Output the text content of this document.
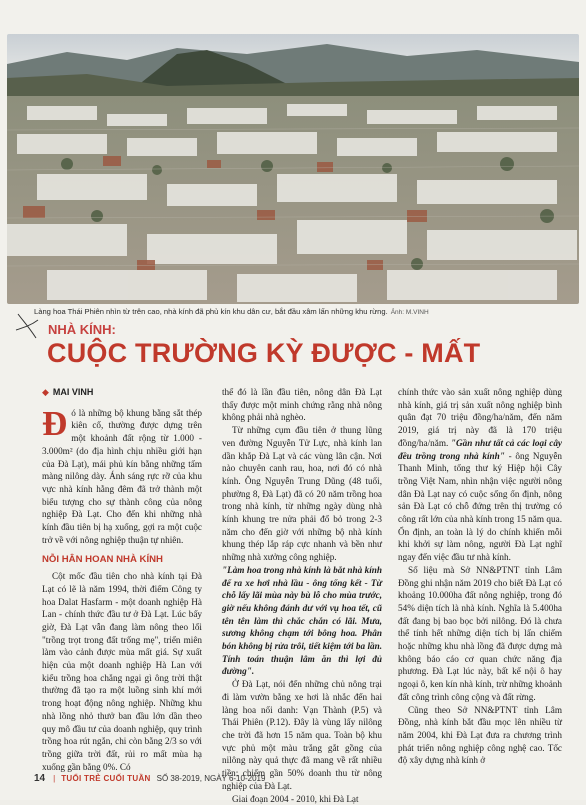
Làng hoa Thái Phiên nhìn từ trên cao, nhà kính đã phủ kín khu dân cư, bắt đầu xâm lấn những khu rừng. Ảnh: M.VINH
NHÀ KÍNH:
CUỘC TRƯỜNG KỲ ĐƯỢC - MẤT
◆ MAI VINH

Đó là những bộ khung bằng sắt thép kiên cố, thường được dựng trên một khoảnh đất rộng từ 1.000 - 3.000m² (do địa hình chịu nhiều giới hạn của Đà Lạt), mái phủ kín bằng những tấm màng nilông dày. Ánh sáng rực rỡ của khu vực nhà kính hằng đêm đã trở thành một biểu tượng cho sự thành công của nông nghiệp Đà Lạt. Cho đến khi những nhà kính đầu tiên bị hạ xuống, gợi ra một cuộc trở về với nông nghiệp thuận tự nhiên.

NỖI HÂN HOAN NHÀ KÍNH

Cột mốc đầu tiên cho nhà kính tại Đà Lạt có lẽ là năm 1994, thời điểm Công ty hoa Dalat Hasfarm - một doanh nghiệp Hà Lan - chính thức đầu tư ở Đà Lạt. Lúc bấy giờ, Đà Lạt vẫn đang làm nông theo lối "trồng trọt trong đất trống mẹ", triển miên làm vào cảnh được mùa mất giá. Sự xuất hiện của một doanh nghiệp Hà Lan với kiểu trồng hoa chẳng ngại gì ông trời thật thường đã tạo ra một luồng sinh khí mới trong hoạt động nông nghiệp. Những khu nhà lồng nhỏ thưở ban đầu lớn dần theo quy mô đầu tư của doanh nghiệp, quy trình trồng hoa rút ngắn, chi còn bằng 2/3 so với trồng giữa trời đất, rủi ro mất mùa hạ xuống gần bằng 0%. Có

thể đó là lần đầu tiên, nông dân Đà Lạt thấy được một minh chứng rằng nhà nông không phải nhà nghèo.

Từ những cụm đầu tiên ở thung lũng ven đường Nguyễn Tử Lực, nhà kính lan dần khắp Đà Lạt và các vùng lân cận. Nơi nào chuyên canh rau, hoa, nơi đó có nhà kính. Ông Nguyễn Trung Dũng (48 tuổi, phường 8, Đà Lạt) đã có 20 năm trồng hoa trong nhà kính, từ những ngày dùng nhà kính khung tre nửa phải đổ bỏ trong 2-3 năm cho đến giờ với những bộ nhà kính khung thép lắp ráp cực nhanh và bền như những nhà xưởng công nghiệp.

"Làm hoa trong nhà kính là bắt nhà kính để ra xe hơi nhà lầu - ông tổng kết - Từ chỗ lấy lãi mùa này bù lỗ cho mùa trước, giờ nếu không đánh dư với vụ hoa tết, cũ tên tên làm thì chắc chắn có lãi. Mưa, sương không chạm tới bông hoa. Phân bón không bị rửa trôi, tiết kiệm tới ba lần. Tính toán thuận lâm ăn thì lợi đủ đường".

Ở Đà Lạt, nói đến những chủ nông trại đi làm vườn bằng xe hơi là nhắc đến hai làng hoa nổi danh: Vạn Thành (P.5) và Thái Phiên (P.12). Đây là vùng lấy nilông che trời đã hơn 15 năm qua. Toàn bộ khu vực phủ một màu trắng gắt gồng của nilông này quả thực đã mang về rất nhiều tiền: chiếm gần 50% doanh thu từ nông nghiệp của Đà Lạt.

Giai đoạn 2004 - 2010, khi Đà Lạt

chính thức vào sản xuất nông nghiệp dùng nhà kính, giá trị sản xuất nông nghiệp bình quân đạt 70 triệu đồng/ha/năm, đến năm 2019, giá trị này đã là 170 triệu đồng/ha/năm. "Gần như tất cả các loại cây đều trồng trong nhà kính" - ông Nguyễn Thanh Minh, tổng thư ký Hiệp hội Cây trồng Việt Nam, nhìn nhận việc người nông dân Đà Lạt nay có cuộc sống ổn định, nông sản Đà Lạt có chỗ đứng trên thị trường có công rất lớn của nhà kính trong 15 năm qua. Ổn định, an toàn là lý do chính khiến mỗi khi khởi sự làm nông, người Đà Lạt nghĩ ngay đến việc đầu tư nhà kính.

Số liệu mà Sở NN&PTNT tỉnh Lâm Đồng ghi nhận năm 2019 cho biết Đà Lạt có khoảng 10.000ha đất nông nghiệp, trong đó 54% diện tích là nhà kính. Nghĩa là 5.400ha đất đang bị bao bọc bởi nilông. Đó là chưa thể tính hết những diện tích bị lấn chiếm hoặc những khu nhà lồng đã được dựng mà không báo cáo cơ quan chức năng địa phương. Đà Lạt lúc này, bất kể nội ô hay ngoại ô, ken kín nhà kính, trừ những khoảnh đất công trình công cộng và đất rừng.

Cũng theo Sở NN&PTNT tỉnh Lâm Đồng, nhà kính bắt đầu mọc lên nhiều từ năm 2004, khi Đà Lạt đưa ra chương trình phát triển nông nghiệp công nghệ cao. Tốc độ xây dựng nhà kính ở

14 | TUỔI TRẺ CUỐI TUẦN SỐ 38-2019, NGÀY 6-10-2019
